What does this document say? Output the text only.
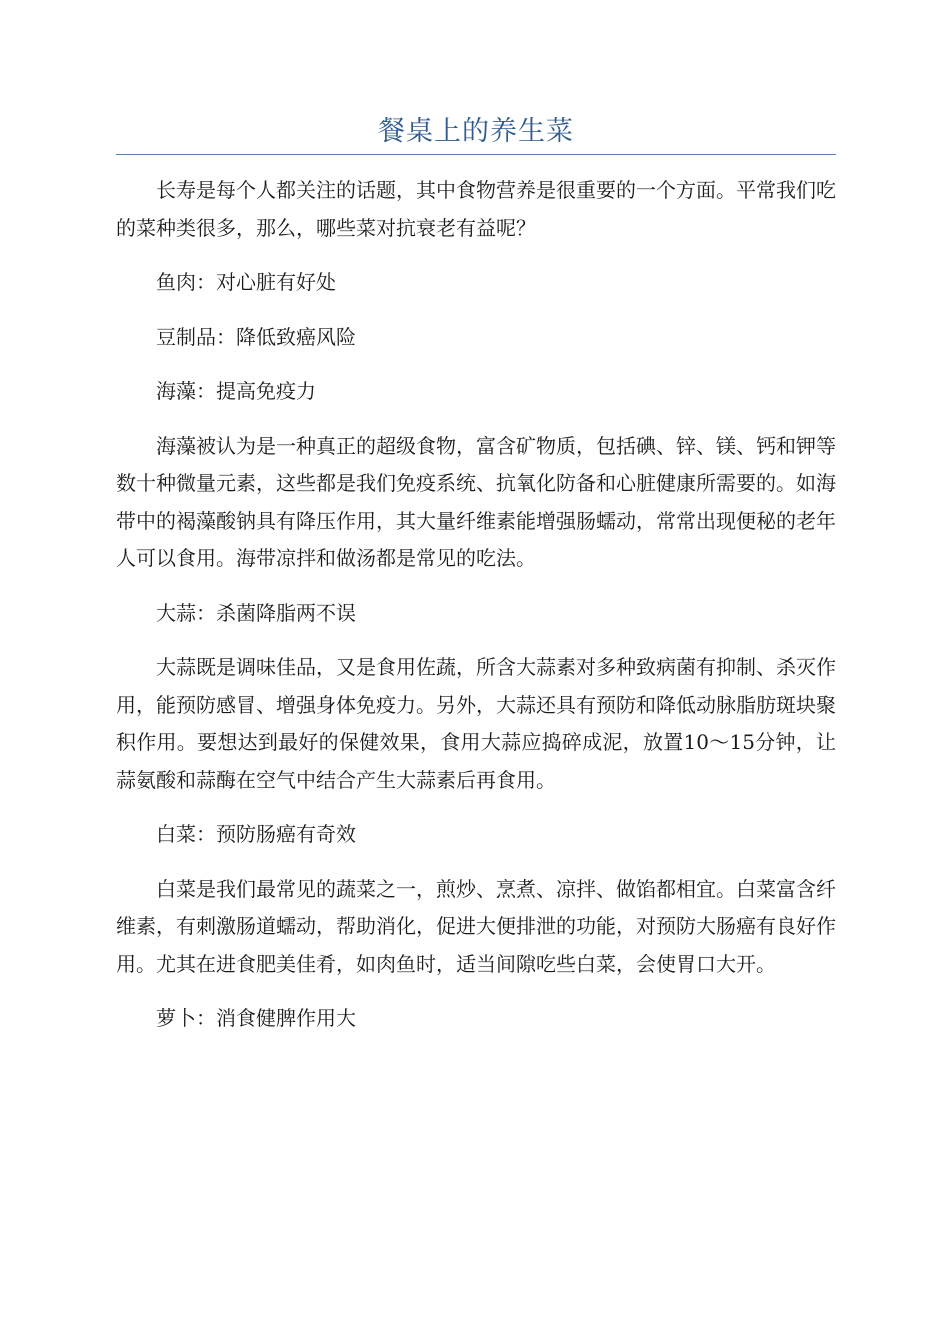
餐桌上的养生菜

长寿是每个人都关注的话题，其中食物营养是很重要的一个方面。平常我们吃的菜种类很多，那么，哪些菜对抗衰老有益呢？

鱼肉：对心脏有好处

豆制品：降低致癌风险

海藻：提高免疫力

海藻被认为是一种真正的超级食物，富含矿物质，包括碘、锌、镁、钙和钾等数十种微量元素，这些都是我们免疫系统、抗氧化防备和心脏健康所需要的。如海带中的褐藻酸钠具有降压作用，其大量纤维素能增强肠蠕动，常常出现便秘的老年人可以食用。海带凉拌和做汤都是常见的吃法。

大蒜：杀菌降脂两不误

大蒜既是调味佳品，又是食用佐蔬，所含大蒜素对多种致病菌有抑制、杀灭作用，能预防感冒、增强身体免疫力。另外，大蒜还具有预防和降低动脉脂肪斑块聚积作用。要想达到最好的保健效果，食用大蒜应捣碎成泥，放置10～15分钟，让蒜氨酸和蒜酶在空气中结合产生大蒜素后再食用。

白菜：预防肠癌有奇效

白菜是我们最常见的蔬菜之一，煎炒、烹煮、凉拌、做馅都相宜。白菜富含纤维素，有刺激肠道蠕动，帮助消化，促进大便排泄的功能，对预防大肠癌有良好作用。尤其在进食肥美佳肴，如肉鱼时，适当间隙吃些白菜，会使胃口大开。

萝卜：消食健脾作用大
